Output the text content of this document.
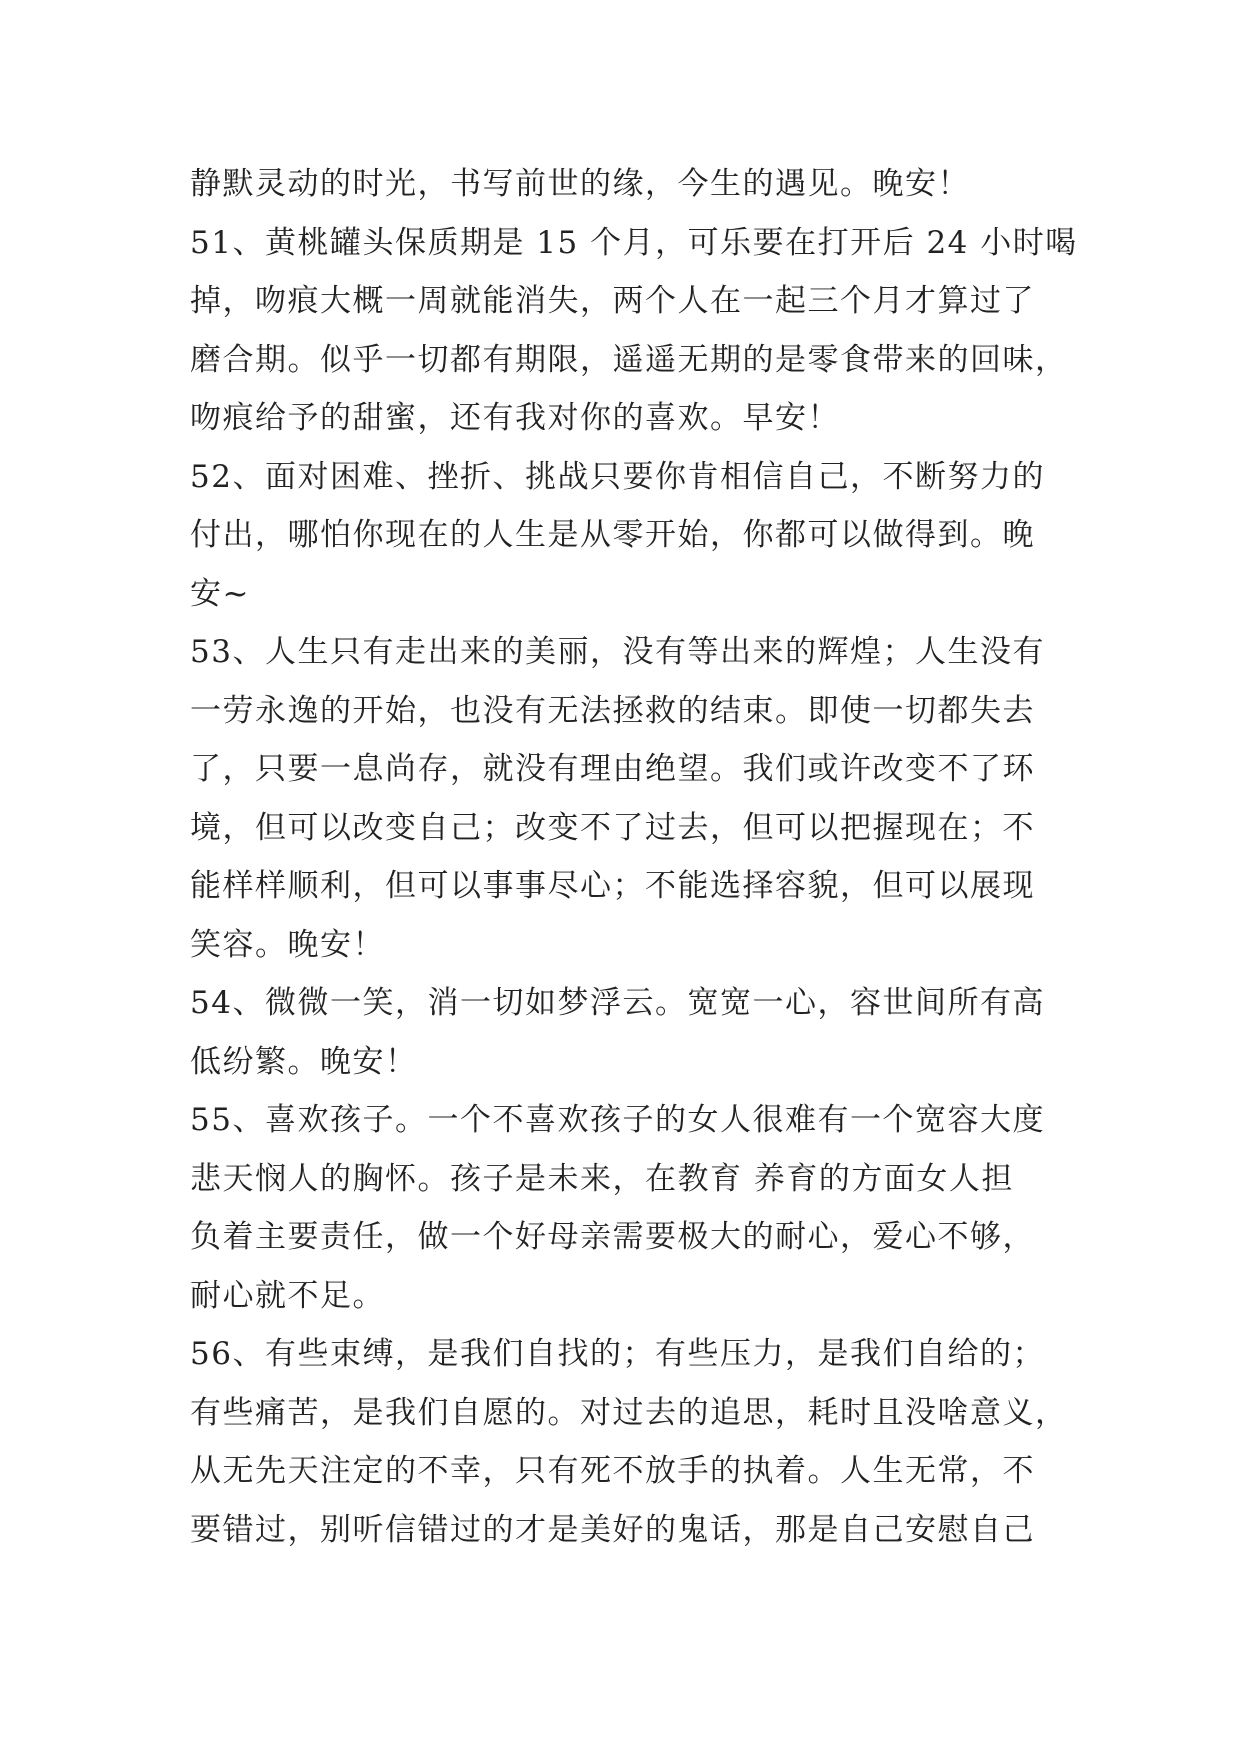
静默灵动的时光，书写前世的缘，今生的遇见。晚安！
51、黄桃罐头保质期是 15 个月，可乐要在打开后 24 小时喝
掉，吻痕大概一周就能消失，两个人在一起三个月才算过了
磨合期。似乎一切都有期限，遥遥无期的是零食带来的回味，
吻痕给予的甜蜜，还有我对你的喜欢。早安！
52、面对困难、挫折、挑战只要你肯相信自己，不断努力的
付出，哪怕你现在的人生是从零开始，你都可以做得到。晚
安~
53、人生只有走出来的美丽，没有等出来的辉煌；人生没有
一劳永逸的开始，也没有无法拯救的结束。即使一切都失去
了，只要一息尚存，就没有理由绝望。我们或许改变不了环
境，但可以改变自己；改变不了过去，但可以把握现在；不
能样样顺利，但可以事事尽心；不能选择容貌，但可以展现
笑容。晚安！
54、微微一笑，消一切如梦浮云。宽宽一心，容世间所有高
低纷繁。晚安！
55、喜欢孩子。一个不喜欢孩子的女人很难有一个宽容大度
悲天悯人的胸怀。孩子是未来，在教育 养育的方面女人担
负着主要责任，做一个好母亲需要极大的耐心，爱心不够，
耐心就不足。
56、有些束缚，是我们自找的；有些压力，是我们自给的；
有些痛苦，是我们自愿的。对过去的追思，耗时且没啥意义，
从无先天注定的不幸，只有死不放手的执着。人生无常，不
要错过，别听信错过的才是美好的鬼话，那是自己安慰自己
